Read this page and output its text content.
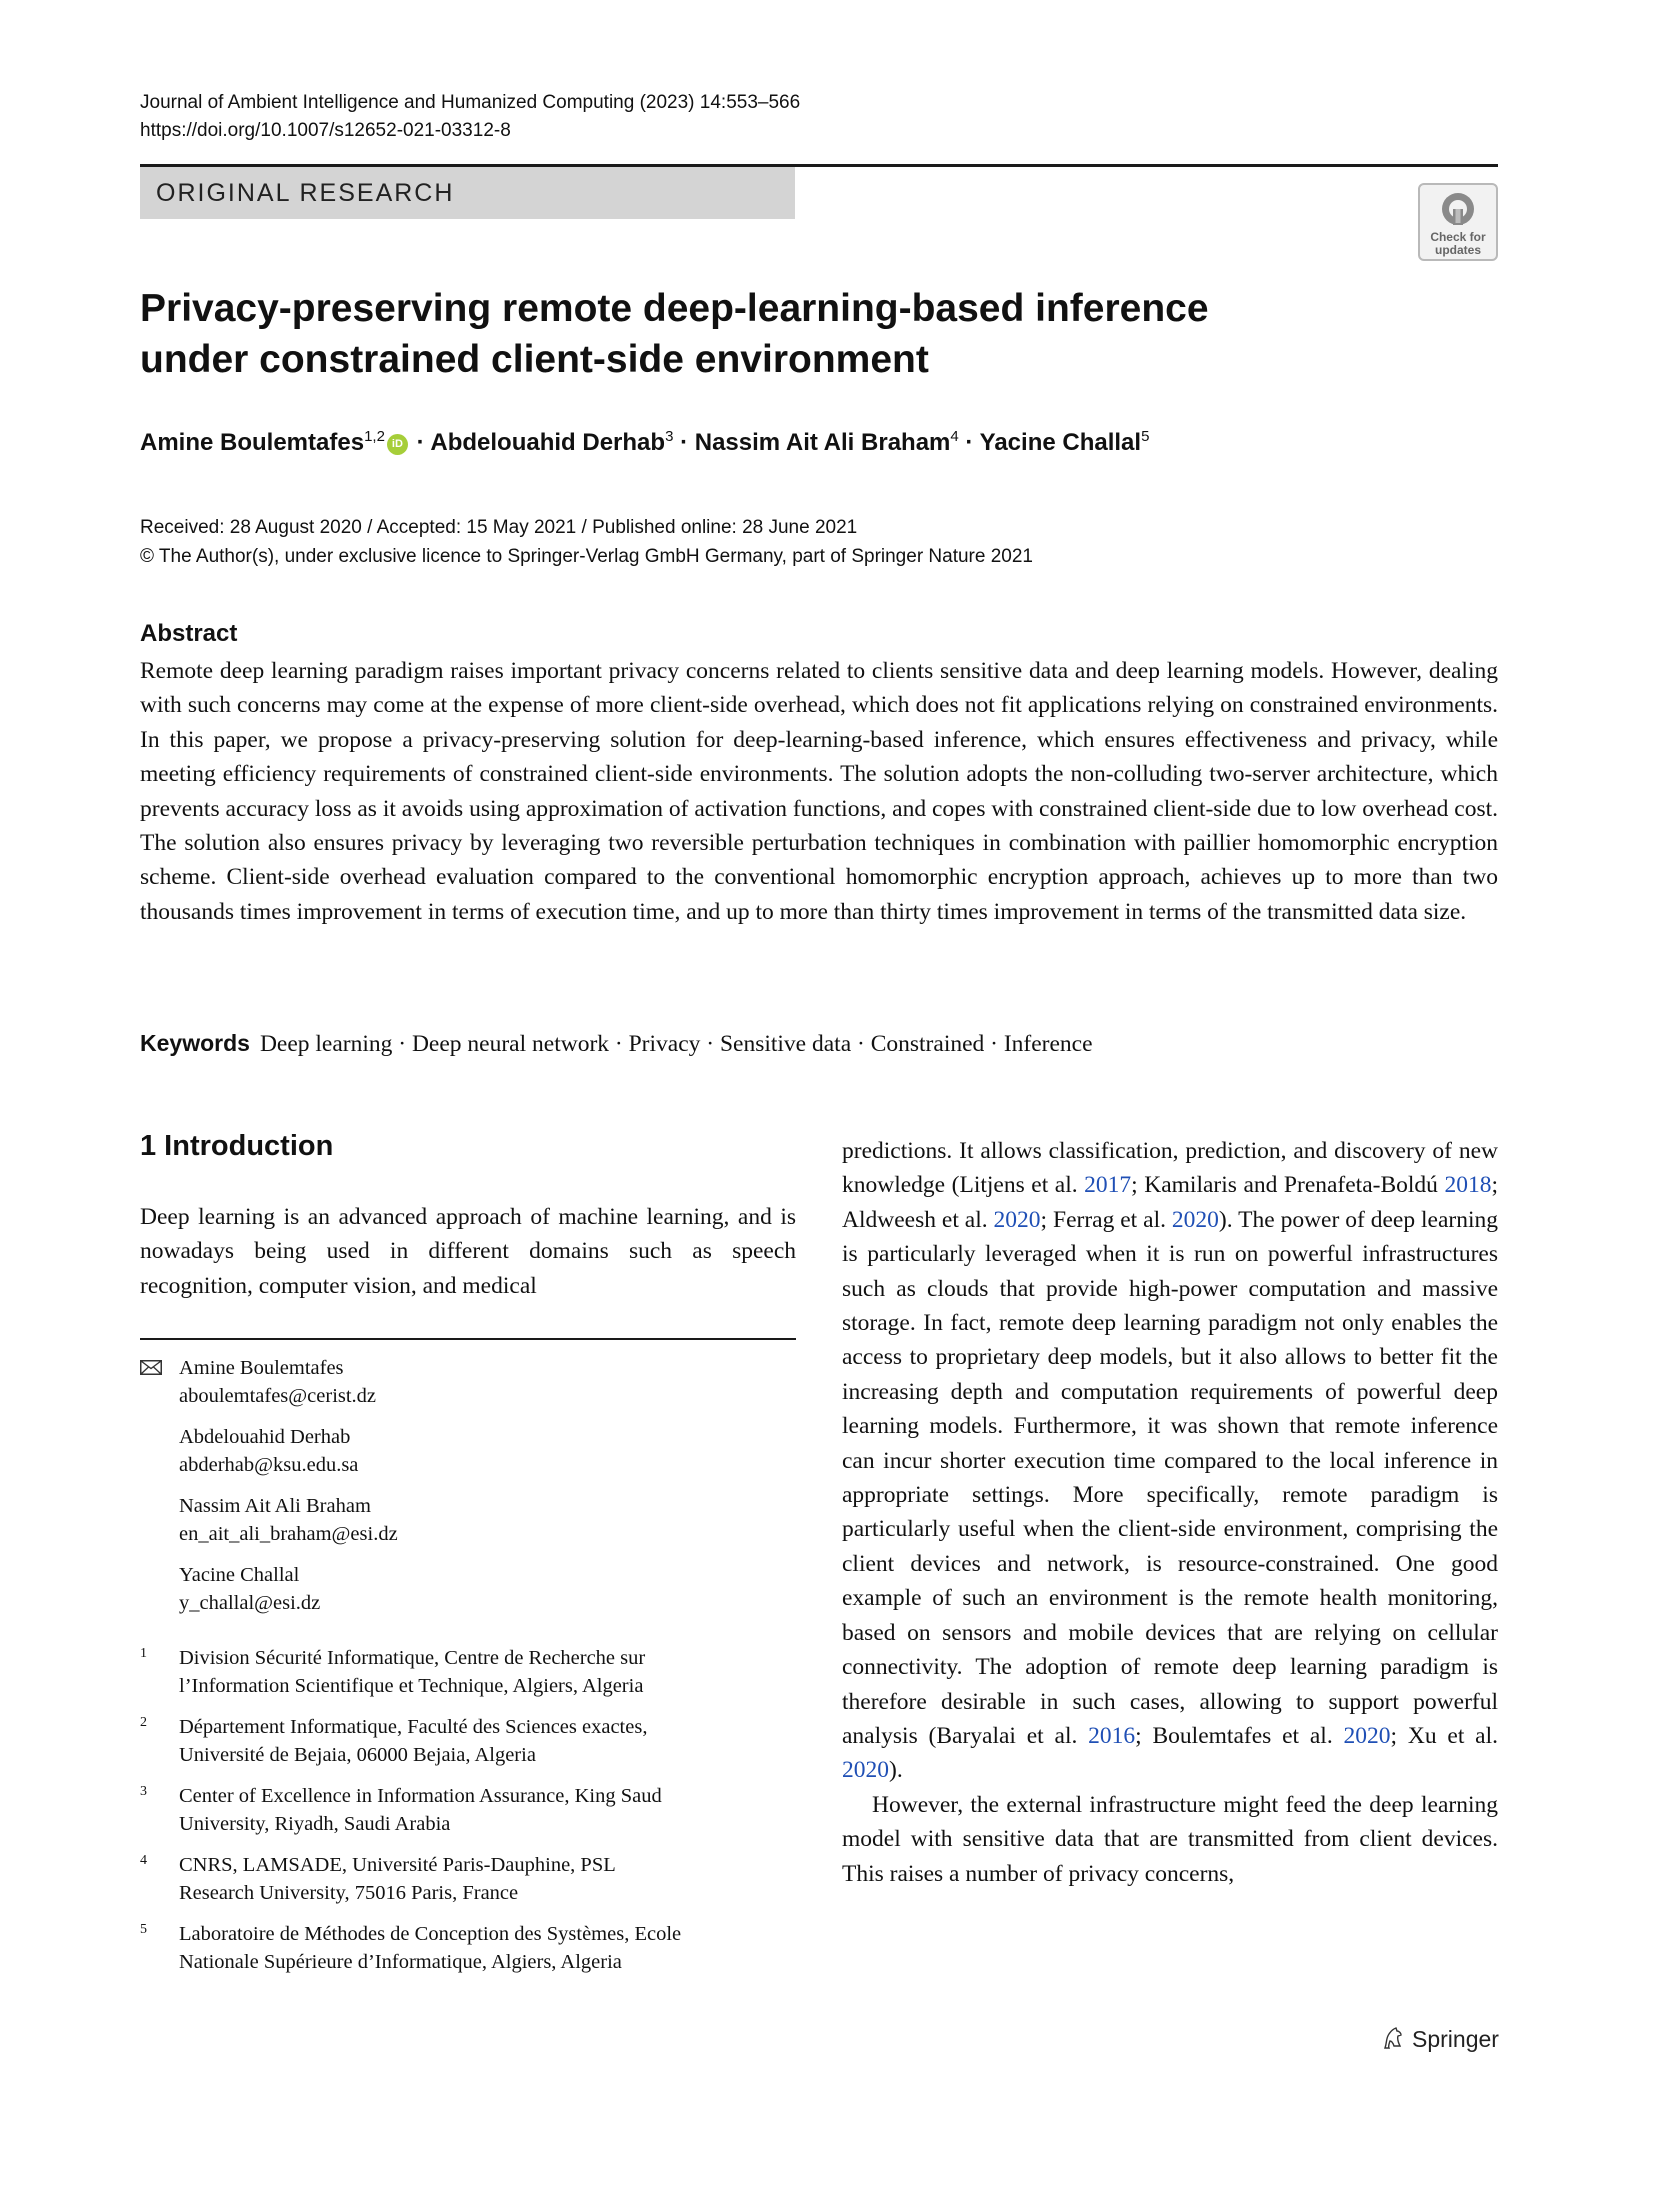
Journal of Ambient Intelligence and Humanized Computing (2023) 14:553–566
https://doi.org/10.1007/s12652-021-03312-8
ORIGINAL RESEARCH
Check for
updates
Privacy-preserving remote deep-learning-based inference
under constrained client-side environment
Amine Boulemtafes$^{1,2}$ iD · Abdelouahid Derhab$^3$ · Nassim Ait Ali Braham$^4$ · Yacine Challal$^5$
Received: 28 August 2020 / Accepted: 15 May 2021 / Published online: 28 June 2021
© The Author(s), under exclusive licence to Springer-Verlag GmbH Germany, part of Springer Nature 2021
Abstract
Remote deep learning paradigm raises important privacy concerns related to clients sensitive data and deep learning models. However, dealing with such concerns may come at the expense of more client-side overhead, which does not fit applications relying on constrained environments. In this paper, we propose a privacy-preserving solution for deep-learning-based inference, which ensures effectiveness and privacy, while meeting efficiency requirements of constrained client-side environments. The solution adopts the non-colluding two-server architecture, which prevents accuracy loss as it avoids using approximation of activation functions, and copes with constrained client-side due to low overhead cost. The solution also ensures privacy by leveraging two reversible perturbation techniques in combination with paillier homomorphic encryption scheme. Client-side overhead evaluation compared to the conventional homomorphic encryption approach, achieves up to more than two thousands times improvement in terms of execution time, and up to more than thirty times improvement in terms of the transmitted data size.
Keywords Deep learning · Deep neural network · Privacy · Sensitive data · Constrained · Inference
1 Introduction
Deep learning is an advanced approach of machine learning, and is nowadays being used in different domains such as speech recognition, computer vision, and medical

predictions. It allows classification, prediction, and discovery of new knowledge (Litjens et al. 2017; Kamilaris and Prenafeta-Boldú 2018; Aldweesh et al. 2020; Ferrag et al. 2020). The power of deep learning is particularly leveraged when it is run on powerful infrastructures such as clouds that provide high-power computation and massive storage. In fact, remote deep learning paradigm not only enables the access to proprietary deep models, but it also allows to better fit the increasing depth and computation requirements of powerful deep learning models. Furthermore, it was shown that remote inference can incur shorter execution time compared to the local inference in appropriate settings. More specifically, remote paradigm is particularly useful when the client-side environment, comprising the client devices and network, is resource-constrained. One good example of such an environment is the remote health monitoring, based on sensors and mobile devices that are relying on cellular connectivity. The adoption of remote deep learning paradigm is therefore desirable in such cases, allowing to support powerful analysis (Baryalai et al. 2016; Boulemtafes et al. 2020; Xu et al. 2020).

However, the external infrastructure might feed the deep learning model with sensitive data that are transmitted from client devices. This raises a number of privacy concerns,

Amine Boulemtafes
aboulemtafes@cerist.dz
Abdelouahid Derhab
abderhab@ksu.edu.sa
Nassim Ait Ali Braham
en_ait_ali_braham@esi.dz
Yacine Challal
y_challal@esi.dz
1 Division Sécurité Informatique, Centre de Recherche sur
l’Information Scientifique et Technique, Algiers, Algeria
2 Département Informatique, Faculté des Sciences exactes,
Université de Bejaia, 06000 Bejaia, Algeria
3 Center of Excellence in Information Assurance, King Saud
University, Riyadh, Saudi Arabia
4 CNRS, LAMSADE, Université Paris-Dauphine, PSL
Research University, 75016 Paris, France
5 Laboratoire de Méthodes de Conception des Systèmes, Ecole
Nationale Supérieure d’Informatique, Algiers, Algeria
Springer
